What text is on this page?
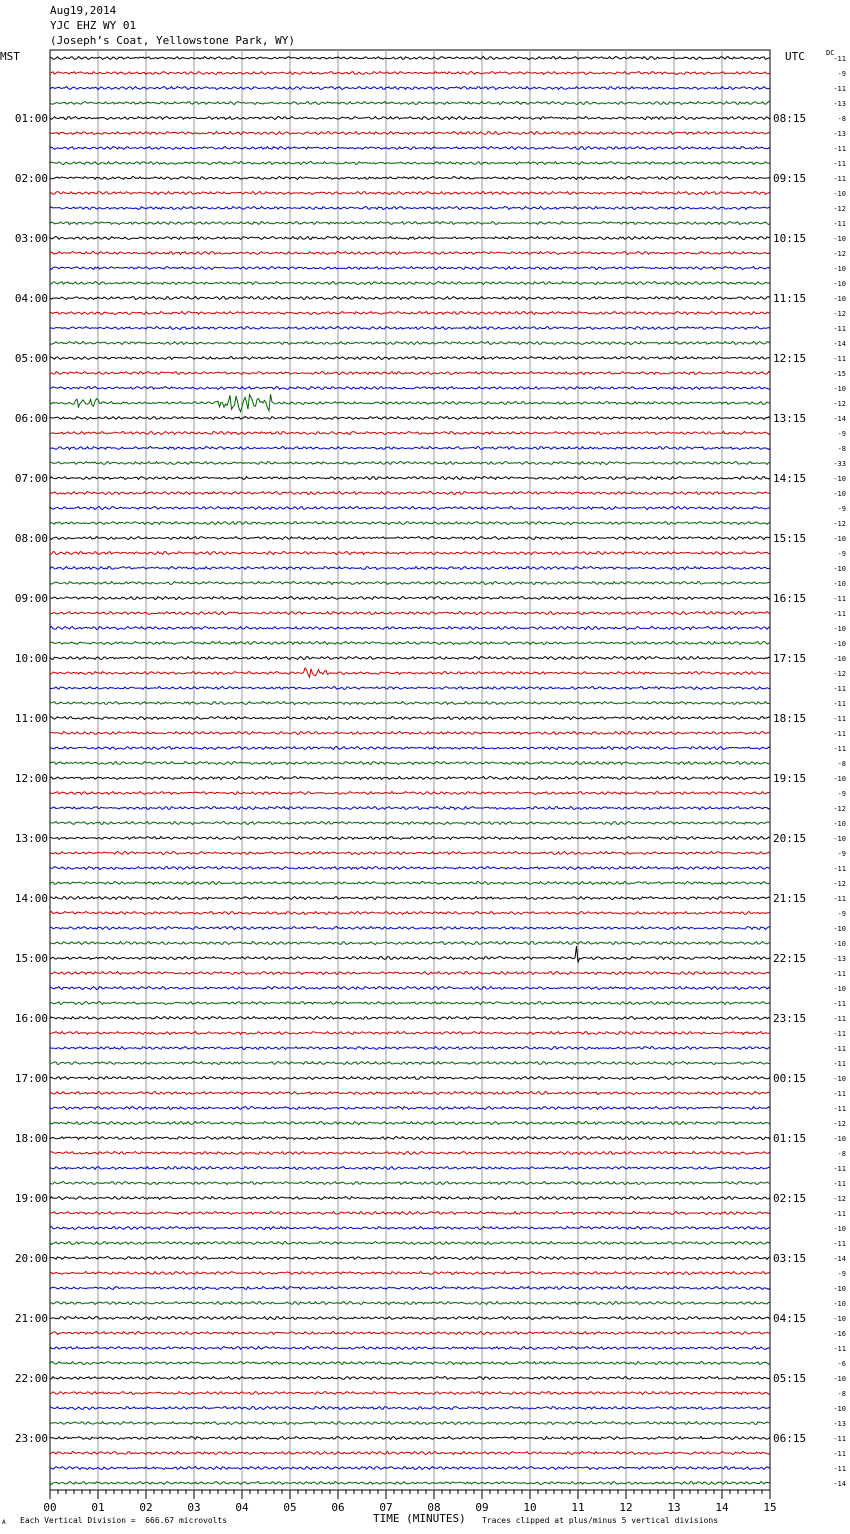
Aug19,2014
YJC EHZ WY 01
(Joseph’s Coat, Yellowstone Park, WY)
MST	UTC	DC
-11
-9
-11
-13
-8
-13
-11
-11
-11
-10
-12
-11
-10
-12
-10
-10
-10
-12
-11
-14
-11
-15
-10
-12
-14
-9
-8
-33
-10
-10
-9
-12
-10
-9
-10
-10
-11
-11
-10
-10
-10
-12
-11
-11
-11
-11
-11
-8
-10
-9
-12
-10
-10
-9
-11
-12
-11
-9
-10
-10
-13
-11
-10
-11
-11
-11
-11
-11
-10
-11
-11
-12
-10
-8
-11
-11
-12
-11
-10
-11
-14
-9
-10
-10
-10
-16
-11
-6
-10
-8
-10
-13
-11
-11
-11
-14
01:00	08:15
02:00	09:15
03:00	10:15
04:00	11:15
05:00	12:15
06:00	13:15
07:00	14:15
08:00	15:15
09:00	16:15
10:00	17:15
11:00	18:15
12:00	19:15
13:00	20:15
14:00	21:15
15:00	22:15
16:00	23:15
17:00	00:15
18:00	01:15
19:00	02:15
20:00	03:15
21:00	04:15
22:00	05:15
23:00	06:15
00	01	02	03	04	05	06	07	08	09	10	11	12	13	14	15
A Each Vertical Division =  666.67 microvolts	TIME (MINUTES) Traces clipped at plus/minus 5 vertical divisions
